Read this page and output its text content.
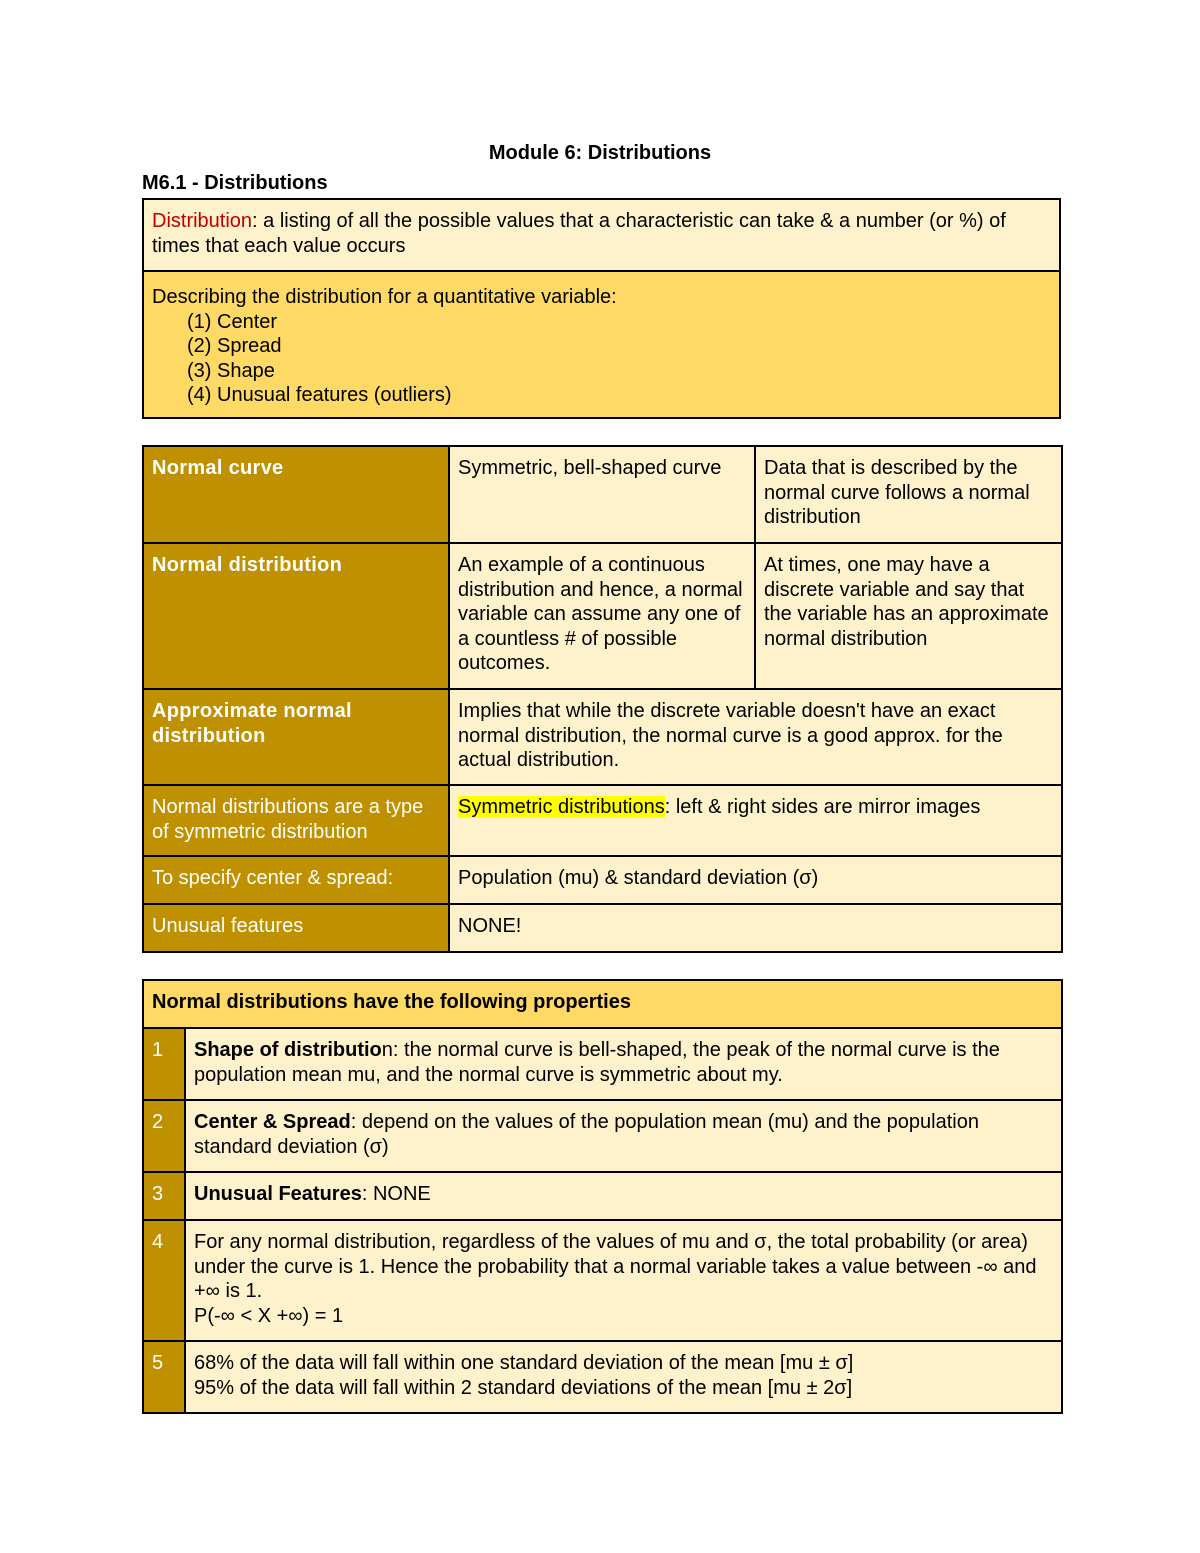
Module 6: Distributions
M6.1 - Distributions
Distribution: a listing of all the possible values that a characteristic can take & a number (or %) of times that each value occurs

Describing the distribution for a quantitative variable:
(1) Center
(2) Spread
(3) Shape
(4) Unusual features (outliers)
Normal curve	Symmetric, bell-shaped curve	Data that is described by the normal curve follows a normal distribution
Normal distribution	An example of a continuous distribution and hence, a normal variable can assume any one of a countless # of possible outcomes.	At times, one may have a discrete variable and say that the variable has an approximate normal distribution
Approximate normal distribution	Implies that while the discrete variable doesn't have an exact normal distribution, the normal curve is a good approx. for the actual distribution.	
Normal distributions are a type of symmetric distribution	Symmetric distributions: left & right sides are mirror images	
To specify center & spread:	Population (mu) & standard deviation (σ)	
Unusual features	NONE!	
Normal distributions have the following properties	
1	Shape of distribution: the normal curve is bell-shaped, the peak of the normal curve is the population mean mu, and the normal curve is symmetric about my.
2	Center & Spread: depend on the values of the population mean (mu) and the population standard deviation (σ)
3	Unusual Features: NONE
4	For any normal distribution, regardless of the values of mu and σ, the total probability (or area) under the curve is 1. Hence the probability that a normal variable takes a value between -∞ and +∞ is 1.
P(-∞ < X +∞) = 1

5	68% of the data will fall within one standard deviation of the mean [mu ± σ]
95% of the data will fall within 2 standard deviations of the mean [mu ± 2σ]
